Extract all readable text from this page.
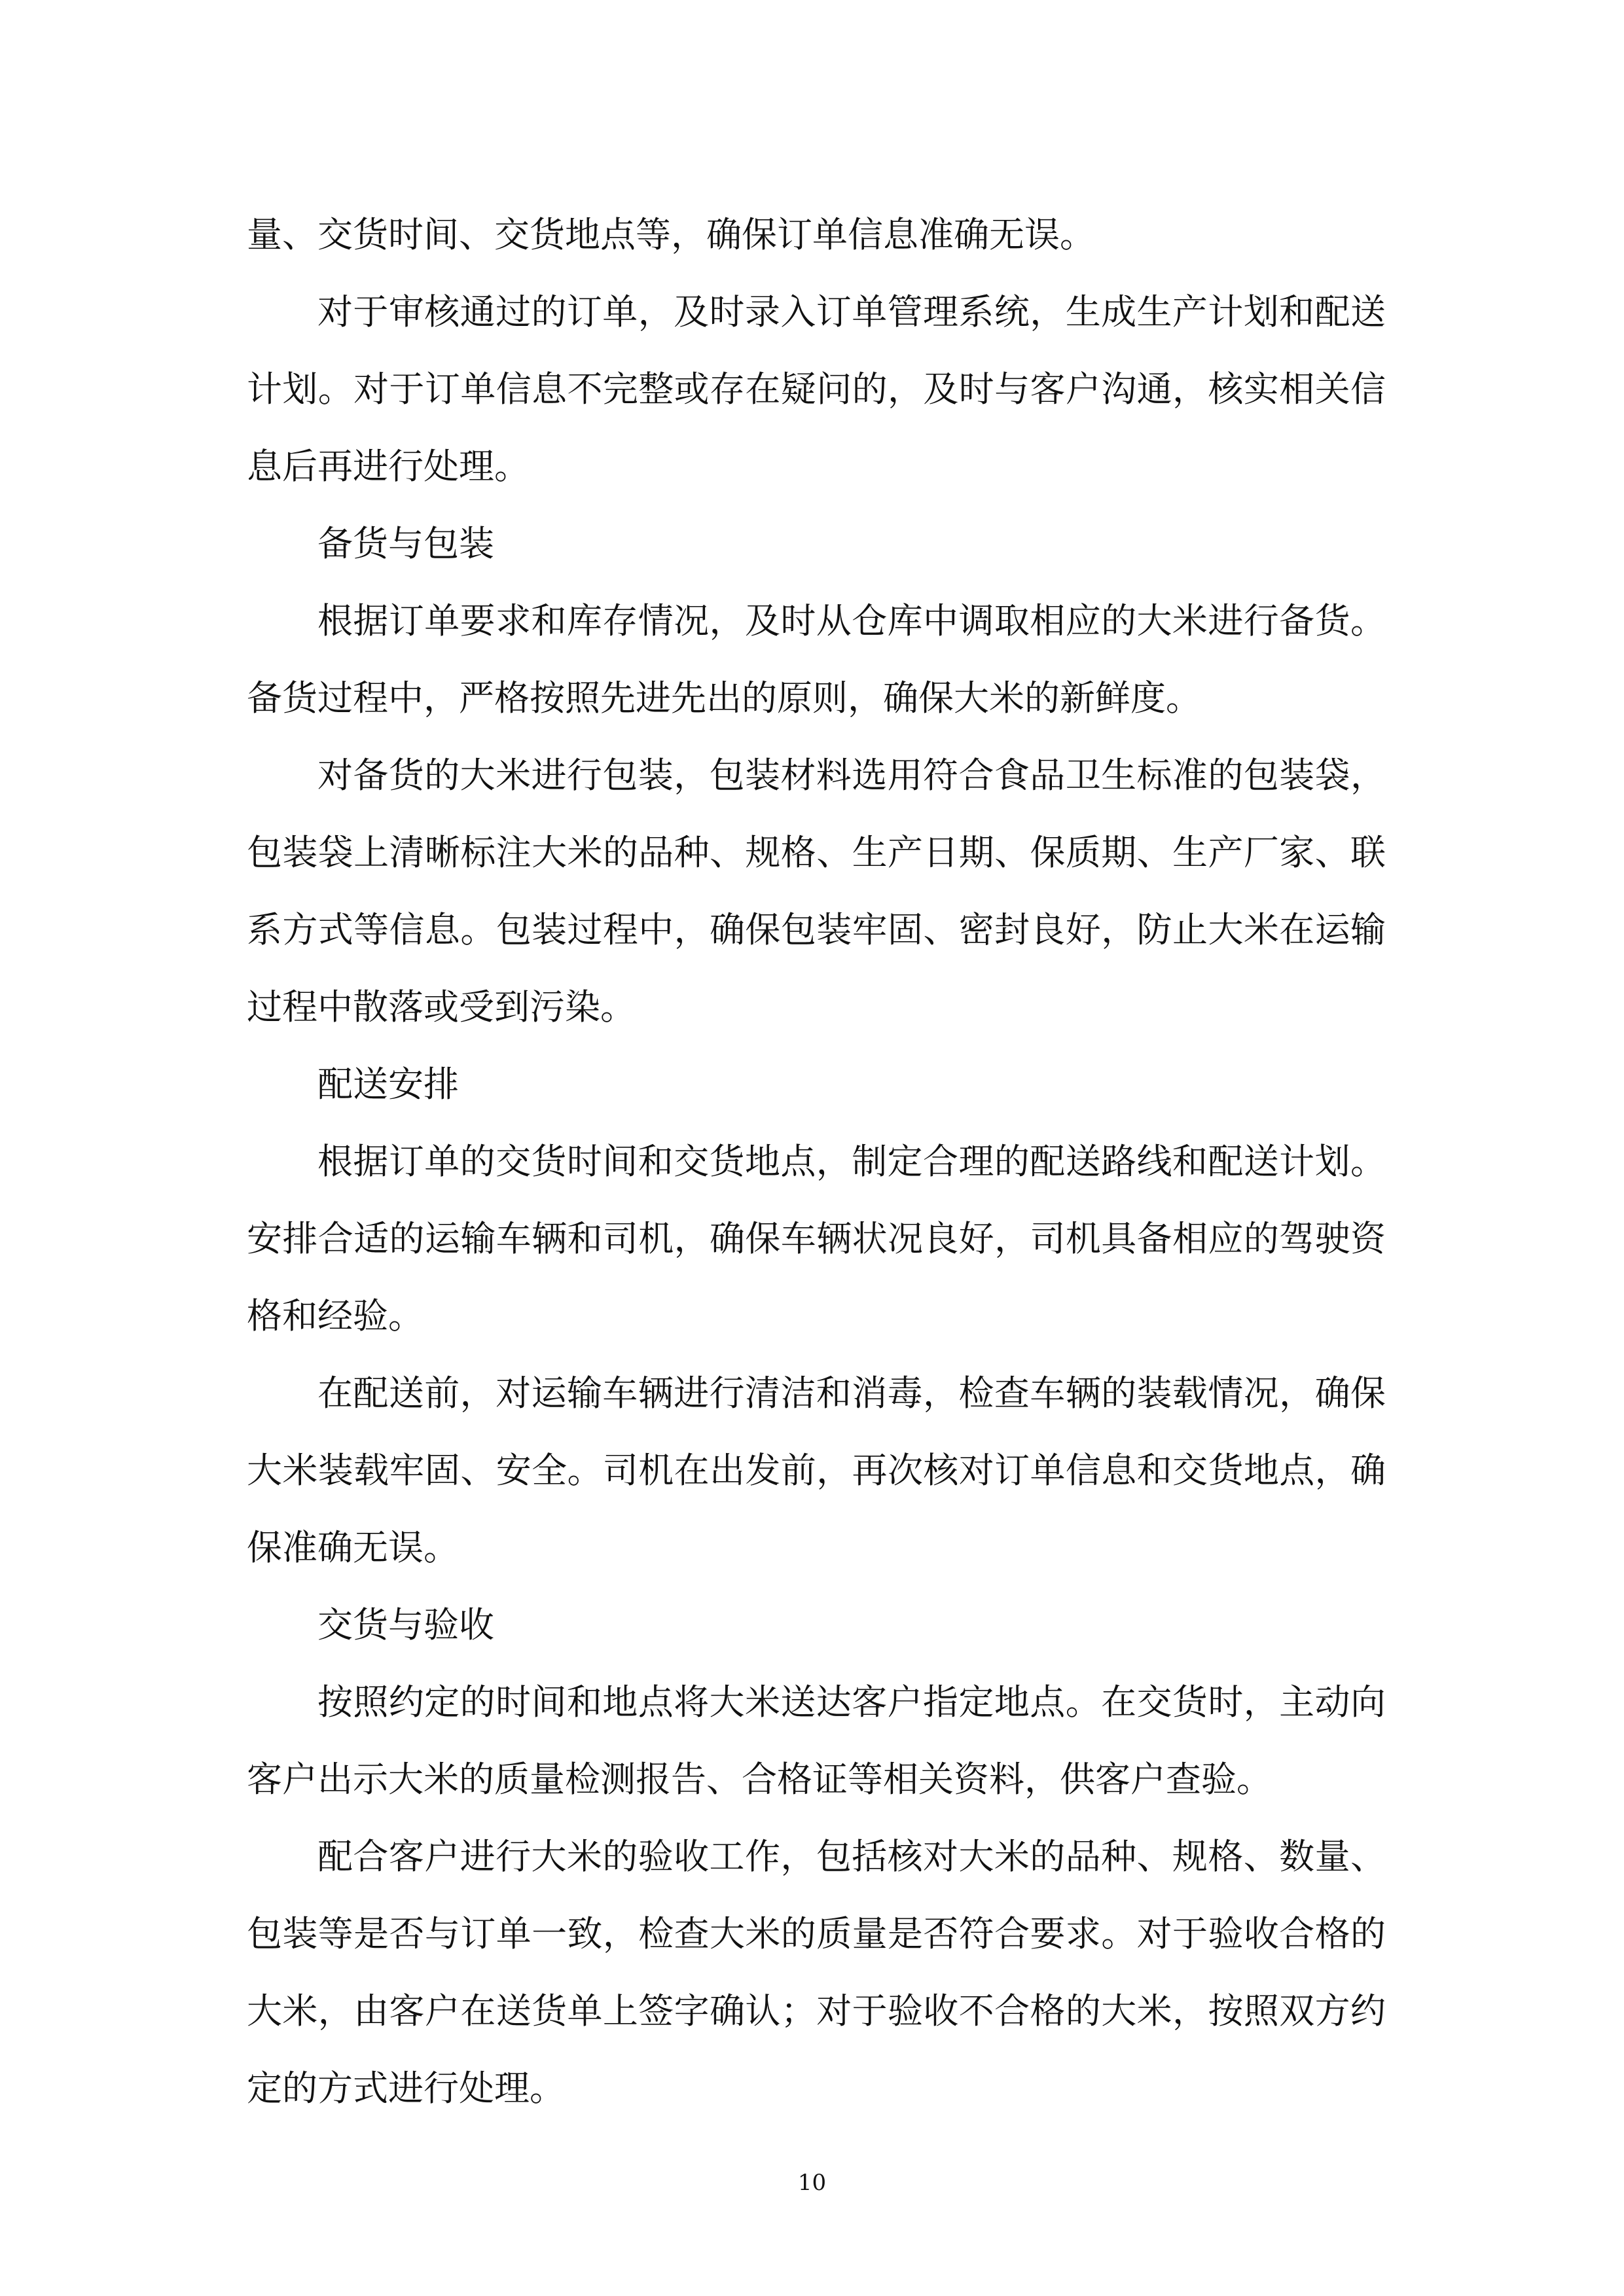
量、交货时间、交货地点等，确保订单信息准确无误。

对于审核通过的订单，及时录入订单管理系统，生成生产计划和配送计划。对于订单信息不完整或存在疑问的，及时与客户沟通，核实相关信息后再进行处理。

备货与包装

根据订单要求和库存情况，及时从仓库中调取相应的大米进行备货。备货过程中，严格按照先进先出的原则，确保大米的新鲜度。

对备货的大米进行包装，包装材料选用符合食品卫生标准的包装袋，包装袋上清晰标注大米的品种、规格、生产日期、保质期、生产厂家、联系方式等信息。包装过程中，确保包装牢固、密封良好，防止大米在运输过程中散落或受到污染。

配送安排

根据订单的交货时间和交货地点，制定合理的配送路线和配送计划。安排合适的运输车辆和司机，确保车辆状况良好，司机具备相应的驾驶资格和经验。

在配送前，对运输车辆进行清洁和消毒，检查车辆的装载情况，确保大米装载牢固、安全。司机在出发前，再次核对订单信息和交货地点，确保准确无误。

交货与验收

按照约定的时间和地点将大米送达客户指定地点。在交货时，主动向客户出示大米的质量检测报告、合格证等相关资料，供客户查验。

配合客户进行大米的验收工作，包括核对大米的品种、规格、数量、包装等是否与订单一致，检查大米的质量是否符合要求。对于验收合格的大米，由客户在送货单上签字确认；对于验收不合格的大米，按照双方约定的方式进行处理。

10
